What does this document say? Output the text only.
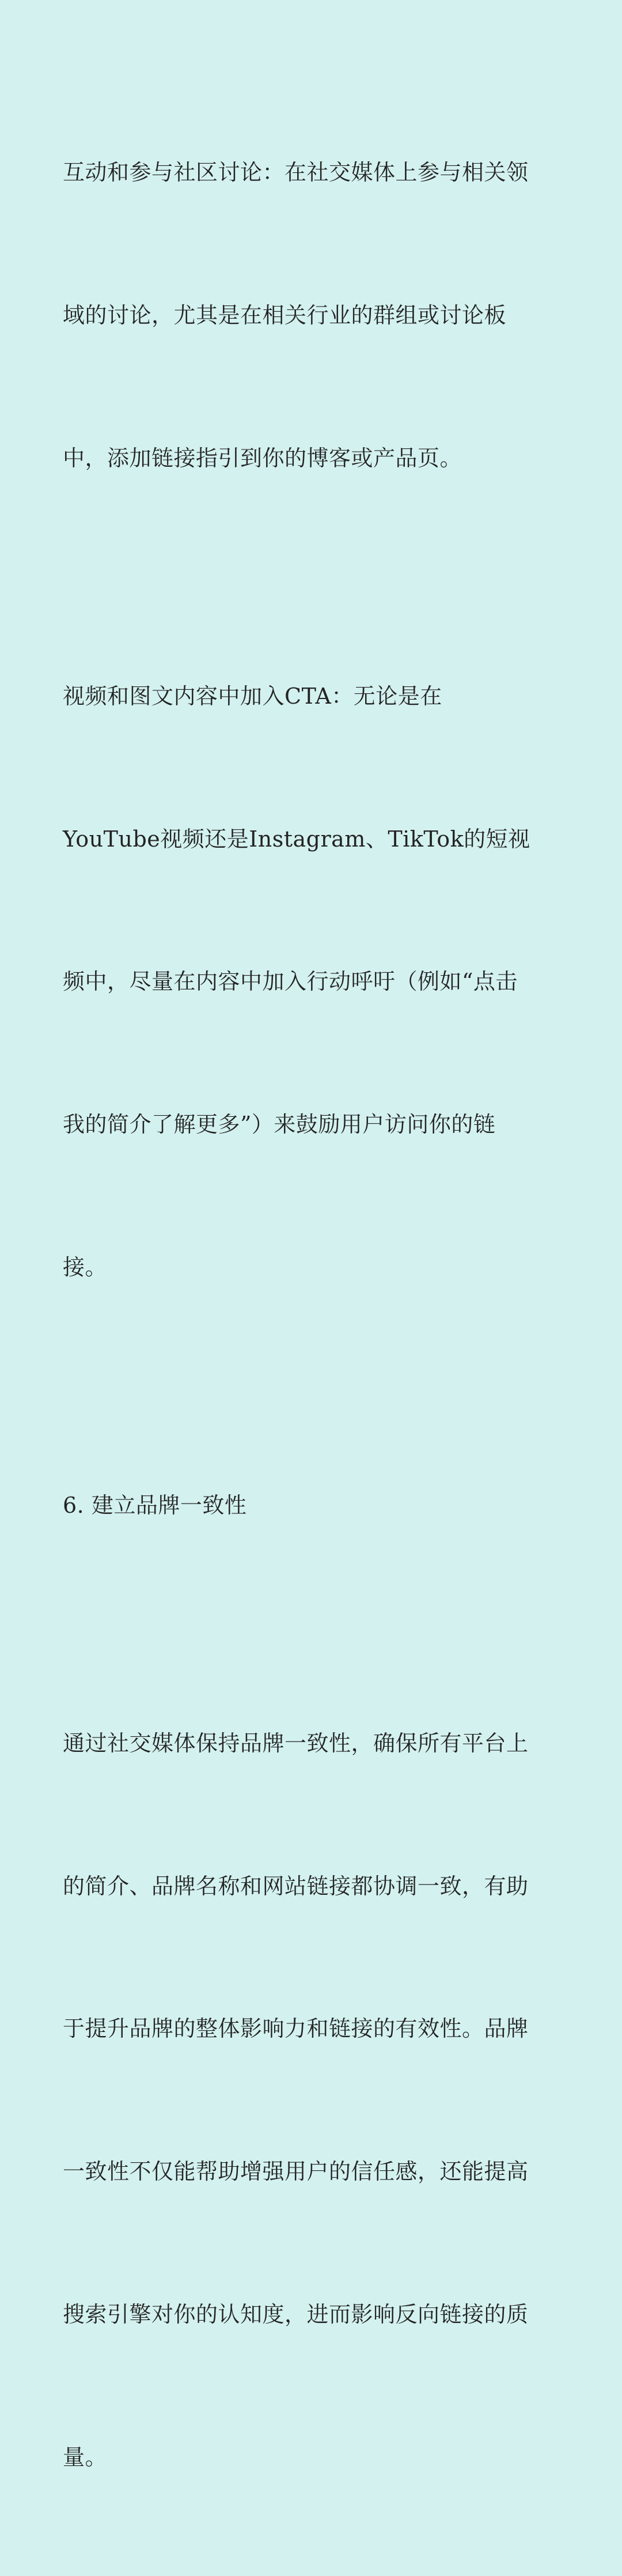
互动和参与社区讨论：在社交媒体上参与相关领

域的讨论，尤其是在相关行业的群组或讨论板

中，添加链接指引到你的博客或产品页。

视频和图文内容中加入CTA：无论是在

YouTube视频还是Instagram、TikTok的短视

频中，尽量在内容中加入行动呼吁（例如“点击

我的简介了解更多”）来鼓励用户访问你的链

接。

6. 建立品牌一致性

通过社交媒体保持品牌一致性，确保所有平台上

的简介、品牌名称和网站链接都协调一致，有助

于提升品牌的整体影响力和链接的有效性。品牌

一致性不仅能帮助增强用户的信任感，还能提高

搜索引擎对你的认知度，进而影响反向链接的质

量。
